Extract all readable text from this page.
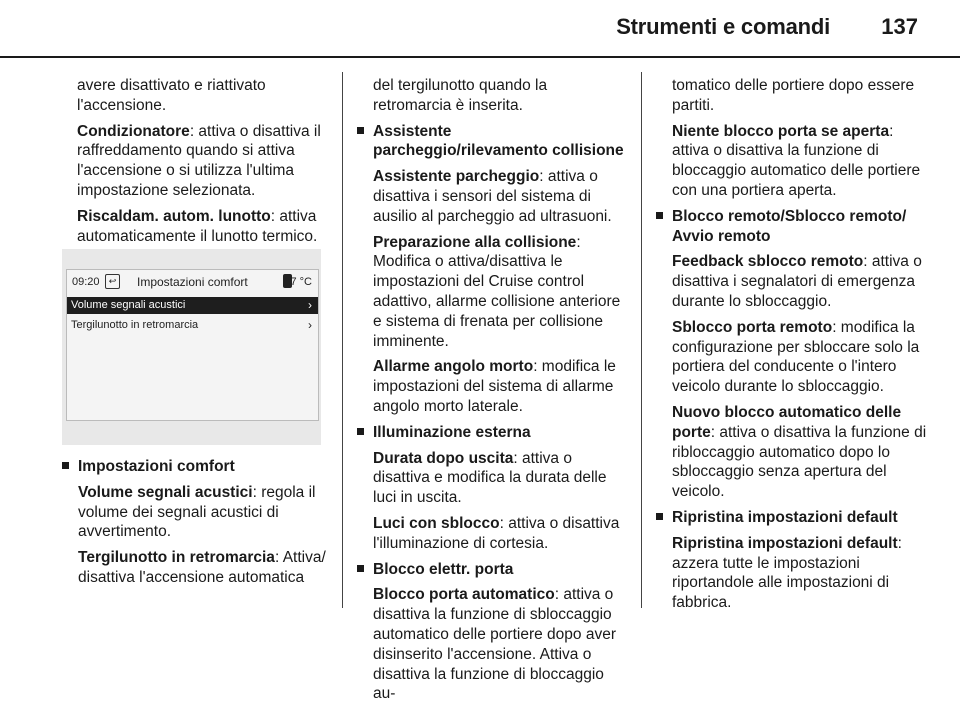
Strumenti e comandi 137

avere disattivato e riattivato l'accensione.

Condizionatore: attiva o disattiva il raffreddamento quando si attiva l'accensione o si utilizza l'ultima impostazione selezionata.

Riscaldam. autom. lunotto: attiva automaticamente il lunotto termico.

09:20	↩	Impostazioni comfort	17 °C
Volume segnali acustici	›
Tergilunotto in retromarcia	›

Impostazioni comfort

Volume segnali acustici: regola il volume dei segnali acustici di avvertimento.

Tergilunotto in retromarcia: Attiva/ disattiva l'accensione automatica

del tergilunotto quando la retromarcia è inserita.

Assistente parcheggio/rilevamento collisione

Assistente parcheggio: attiva o disattiva i sensori del sistema di ausilio al parcheggio ad ultrasuoni.

Preparazione alla collisione: Modifica o attiva/disattiva le impostazioni del Cruise control adattivo, allarme collisione anteriore e sistema di frenata per collisione imminente.

Allarme angolo morto: modifica le impostazioni del sistema di allarme angolo morto laterale.

Illuminazione esterna

Durata dopo uscita: attiva o disattiva e modifica la durata delle luci in uscita.

Luci con sblocco: attiva o disattiva l'illuminazione di cortesia.

Blocco elettr. porta

Blocco porta automatico: attiva o disattiva la funzione di sbloccaggio automatico delle portiere dopo aver disinserito l'accensione. Attiva o disattiva la funzione di bloccaggio au-

tomatico delle portiere dopo essere partiti.

Niente blocco porta se aperta: attiva o disattiva la funzione di bloccaggio automatico delle portiere con una portiera aperta.

Blocco remoto/Sblocco remoto/ Avvio remoto

Feedback sblocco remoto: attiva o disattiva i segnalatori di emergenza durante lo sbloccaggio.

Sblocco porta remoto: modifica la configurazione per sbloccare solo la portiera del conducente o l'intero veicolo durante lo sbloccaggio.

Nuovo blocco automatico delle porte: attiva o disattiva la funzione di ribloccaggio automatico dopo lo sbloccaggio senza apertura del veicolo.

Ripristina impostazioni default

Ripristina impostazioni default: azzera tutte le impostazioni riportandole alle impostazioni di fabbrica.
